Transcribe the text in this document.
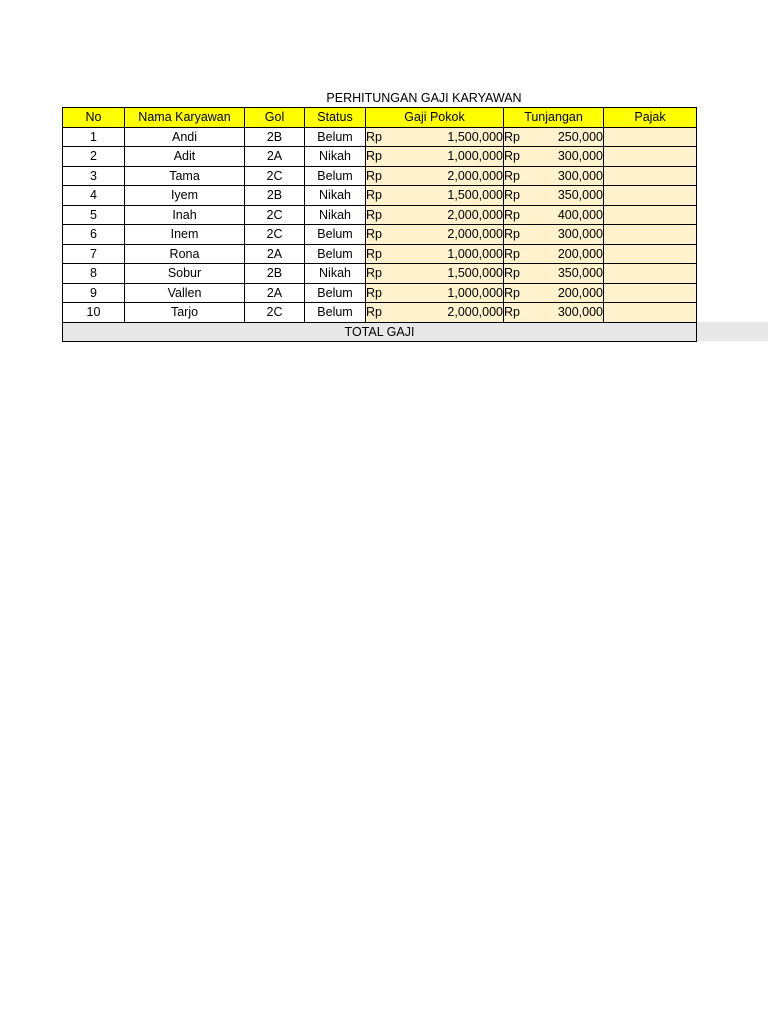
PERHITUNGAN GAJI KARYAWAN
No	Nama Karyawan	Gol	Status	Gaji Pokok	Tunjangan	Pajak
1	Andi	2B	Belum	Rp 1,500,000	Rp 250,000	

2	Adit	2A	Nikah	Rp 1,000,000	Rp 300,000	

3	Tama	2C	Belum	Rp 2,000,000	Rp 300,000	

4	Iyem	2B	Nikah	Rp 1,500,000	Rp 350,000	

5	Inah	2C	Nikah	Rp 2,000,000	Rp 400,000	

6	Inem	2C	Belum	Rp 2,000,000	Rp 300,000	

7	Rona	2A	Belum	Rp 1,000,000	Rp 200,000	

8	Sobur	2B	Nikah	Rp 1,500,000	Rp 350,000	

9	Vallen	2A	Belum	Rp 1,000,000	Rp 200,000	

10	Tarjo	2C	Belum	Rp 2,000,000	Rp 300,000	

TOTAL GAJI						
